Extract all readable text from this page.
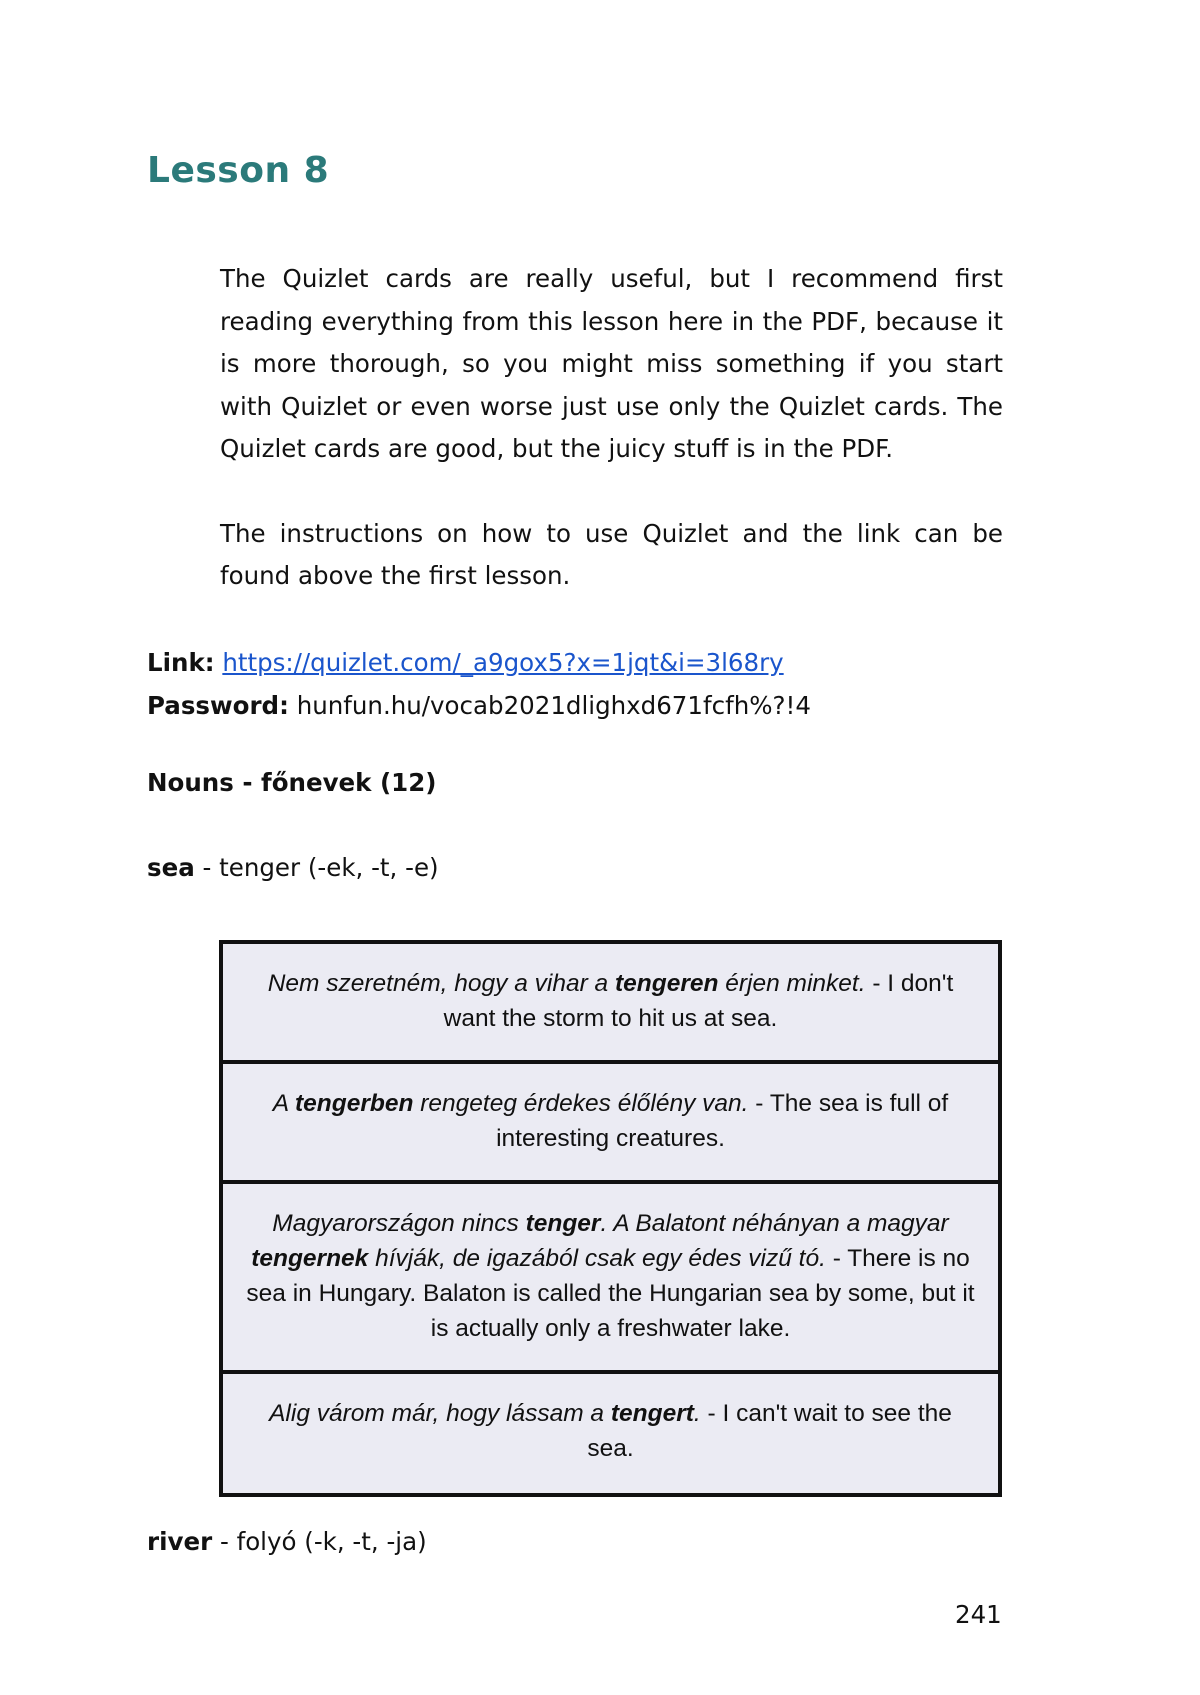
Lesson 8

The Quizlet cards are really useful, but I recommend first reading everything from this lesson here in the PDF, because it is more thorough, so you might miss something if you start with Quizlet or even worse just use only the Quizlet cards. The Quizlet cards are good, but the juicy stuff is in the PDF.

The instructions on how to use Quizlet and the link can be found above the first lesson.

Link: https://quizlet.com/_a9gox5?x=1jqt&i=3l68ry
Password: hunfun.hu/vocab2021dlighxd671fcfh%?!4
Nouns - főnevek (12)
sea - tenger (-ek, -t, -e)
Nem szeretném, hogy a vihar a tengeren érjen minket. - I don't want the storm to hit us at sea.
A tengerben rengeteg érdekes élőlény van. - The sea is full of interesting creatures.
Magyarországon nincs tenger. A Balatont néhányan a magyar tengernek hívják, de igazából csak egy édes vizű tó. - There is no sea in Hungary. Balaton is called the Hungarian sea by some, but it is actually only a freshwater lake.
Alig várom már, hogy lássam a tengert. - I can't wait to see the sea.
river - folyó (-k, -t, -ja)
241
